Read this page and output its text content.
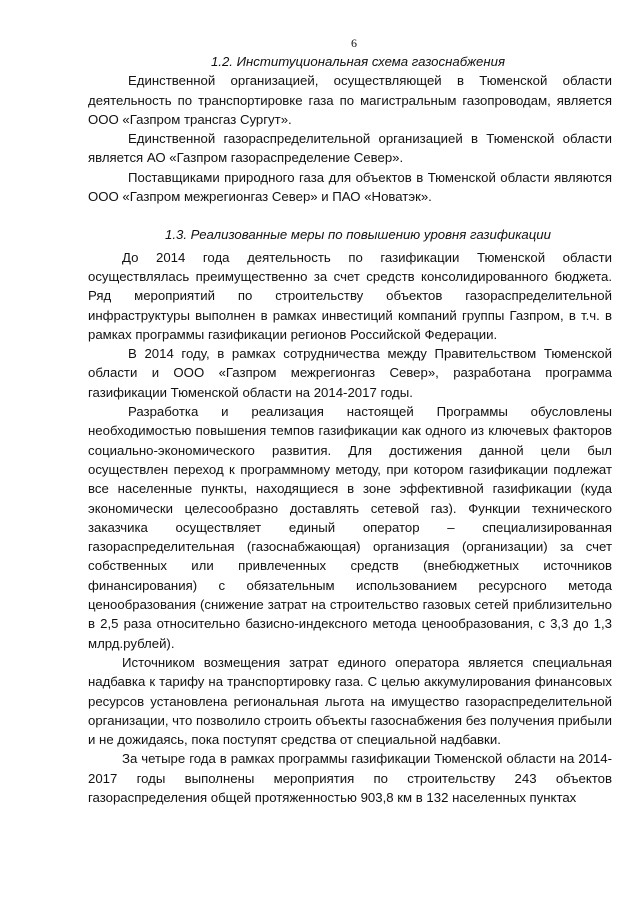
6
1.2. Институциональная схема газоснабжения

Единственной организацией, осуществляющей в Тюменской области деятельность по транспортировке газа по магистральным газопроводам, является ООО «Газпром трансгаз Сургут».

Единственной газораспределительной организацией в Тюменской области является АО «Газпром газораспределение Север».

Поставщиками природного газа для объектов в Тюменской области являются ООО «Газпром межрегионгаз Север» и ПАО «Новатэк».

1.3. Реализованные меры по повышению уровня газификации

До 2014 года деятельность по газификации Тюменской области осуществлялась преимущественно за счет средств консолидированного бюджета. Ряд мероприятий по строительству объектов газораспределительной инфраструктуры выполнен в рамках инвестиций компаний группы Газпром, в т.ч. в рамках программы газификации регионов Российской Федерации.

В 2014 году, в рамках сотрудничества между Правительством Тюменской области и ООО «Газпром межрегионгаз Север», разработана программа газификации Тюменской области на 2014-2017 годы.

Разработка и реализация настоящей Программы обусловлены необходимостью повышения темпов газификации как одного из ключевых факторов социально-экономического развития. Для достижения данной цели был осуществлен переход к программному методу, при котором газификации подлежат все населенные пункты, находящиеся в зоне эффективной газификации (куда экономически целесообразно доставлять сетевой газ). Функции технического заказчика осуществляет единый оператор – специализированная газораспределительная (газоснабжающая) организация (организации) за счет собственных или привлеченных средств (внебюджетных источников финансирования) с обязательным использованием ресурсного метода ценообразования (снижение затрат на строительство газовых сетей приблизительно в 2,5 раза относительно базисно-индексного метода ценообразования, с 3,3 до 1,3 млрд.рублей).

Источником возмещения затрат единого оператора является специальная надбавка к тарифу на транспортировку газа. С целью аккумулирования финансовых ресурсов установлена региональная льгота на имущество газораспределительной организации, что позволило строить объекты газоснабжения без получения прибыли и не дожидаясь, пока поступят средства от специальной надбавки.

За четыре года в рамках программы газификации Тюменской области на 2014-2017 годы выполнены мероприятия по строительству 243 объектов газораспределения общей протяженностью 903,8 км в 132 населенных пунктах
